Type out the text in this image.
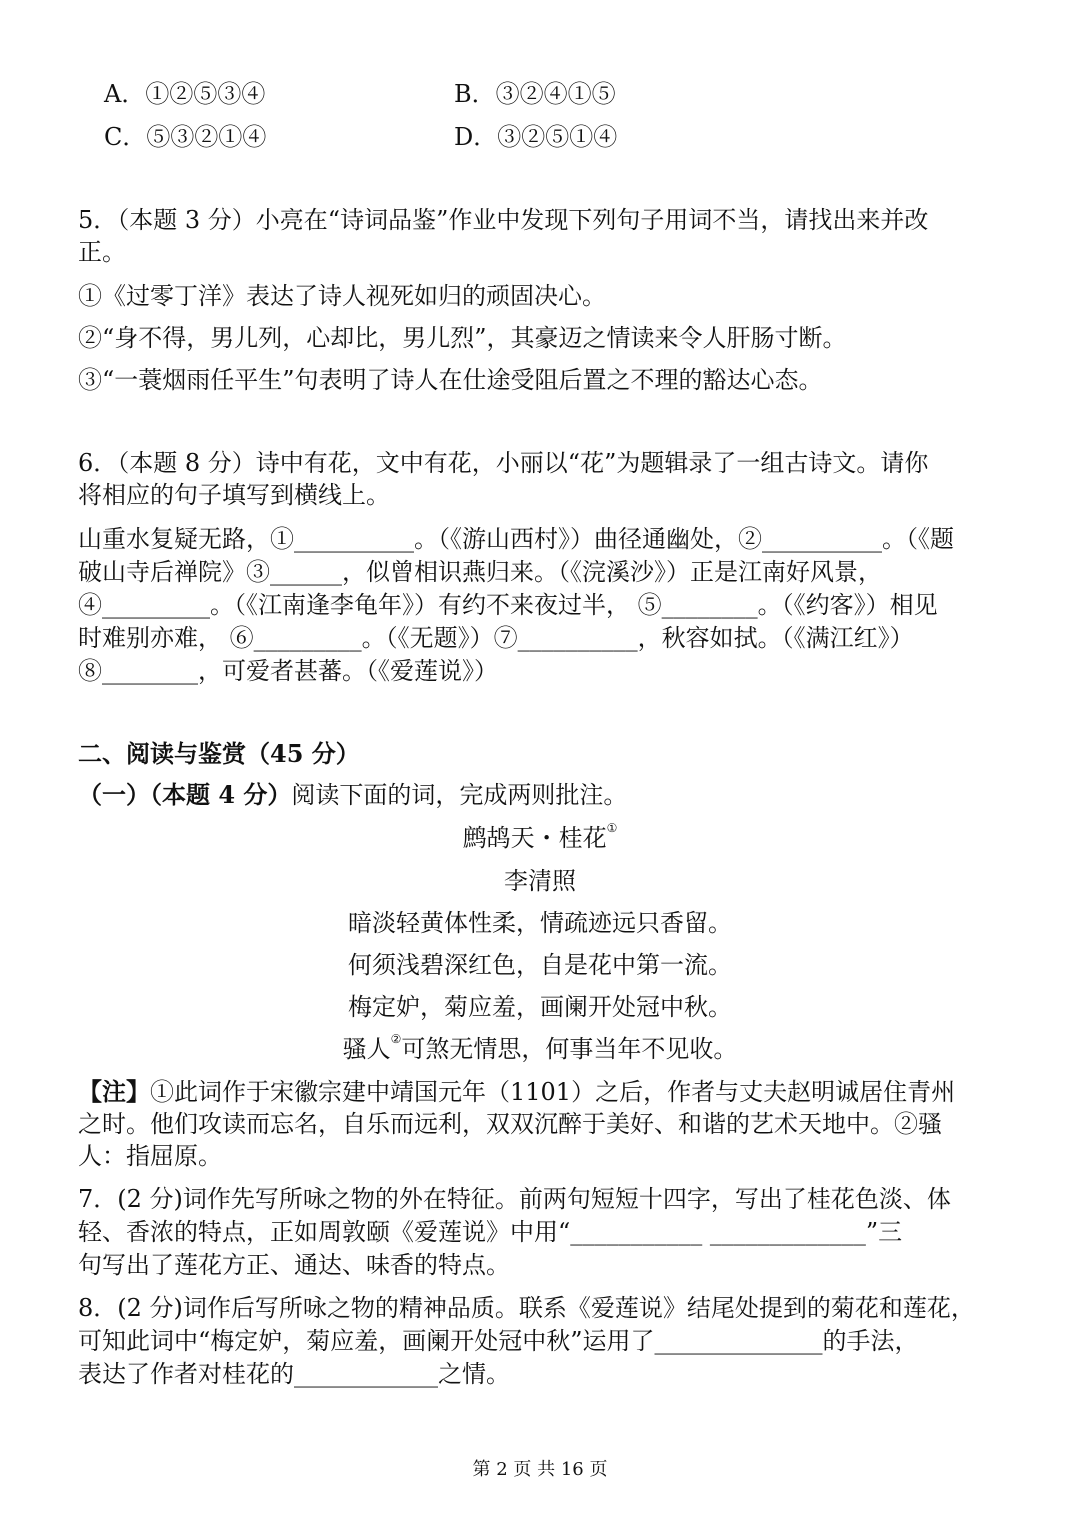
A．①②⑤③④	B．③②④①⑤
C．⑤③②①④	D．③②⑤①④
5．（本题 3 分）小亮在“诗词品鉴”作业中发现下列句子用词不当，请找出来并改
正。
①《过零丁洋》表达了诗人视死如归的顽固决心。
②“身不得，男儿列，心却比，男儿烈”，其豪迈之情读来令人肝肠寸断。
③“一蓑烟雨任平生”句表明了诗人在仕途受阻后置之不理的豁达心态。
6．（本题 8 分）诗中有花，文中有花，小丽以“花”为题辑录了一组古诗文。请你
将相应的句子填写到横线上。
山重水复疑无路，①__________。（《游山西村》）曲径通幽处，②__________。（《题
破山寺后禅院》③______，似曾相识燕归来。（《浣溪沙》）正是江南好风景，
④_________。（《江南逢李龟年》）有约不来夜过半， ⑤________。（《约客》）相见
时难别亦难， ⑥_________。（《无题》）⑦__________，秋容如拭。（《满江红》）
⑧________，可爱者甚蕃。（《爱莲说》）
二、阅读与鉴赏（45 分）
（一）（本题 4 分）阅读下面的词，完成两则批注。
鹧鸪天・桂花①
李清照
暗淡轻黄体性柔，情疏迹远只香留。
何须浅碧深红色，自是花中第一流。
梅定妒，菊应羞，画阑开处冠中秋。
骚人②可煞无情思，何事当年不见收。
【注】①此词作于宋徽宗建中靖国元年（1101）之后，作者与丈夫赵明诚居住青州
之时。他们攻读而忘名，自乐而远利，双双沉醉于美好、和谐的艺术天地中。②骚
人：指屈原。
7．(2 分)词作先写所咏之物的外在特征。前两句短短十四字，写出了桂花色淡、体
轻、香浓的特点，正如周敦颐《爱莲说》中用“___________ _____________”三
句写出了莲花方正、通达、味香的特点。
8．(2 分)词作后写所咏之物的精神品质。联系《爱莲说》结尾处提到的菊花和莲花，
可知此词中“梅定妒，菊应羞，画阑开处冠中秋”运用了______________的手法，
表达了作者对桂花的____________之情。
第 2 页 共 16 页
